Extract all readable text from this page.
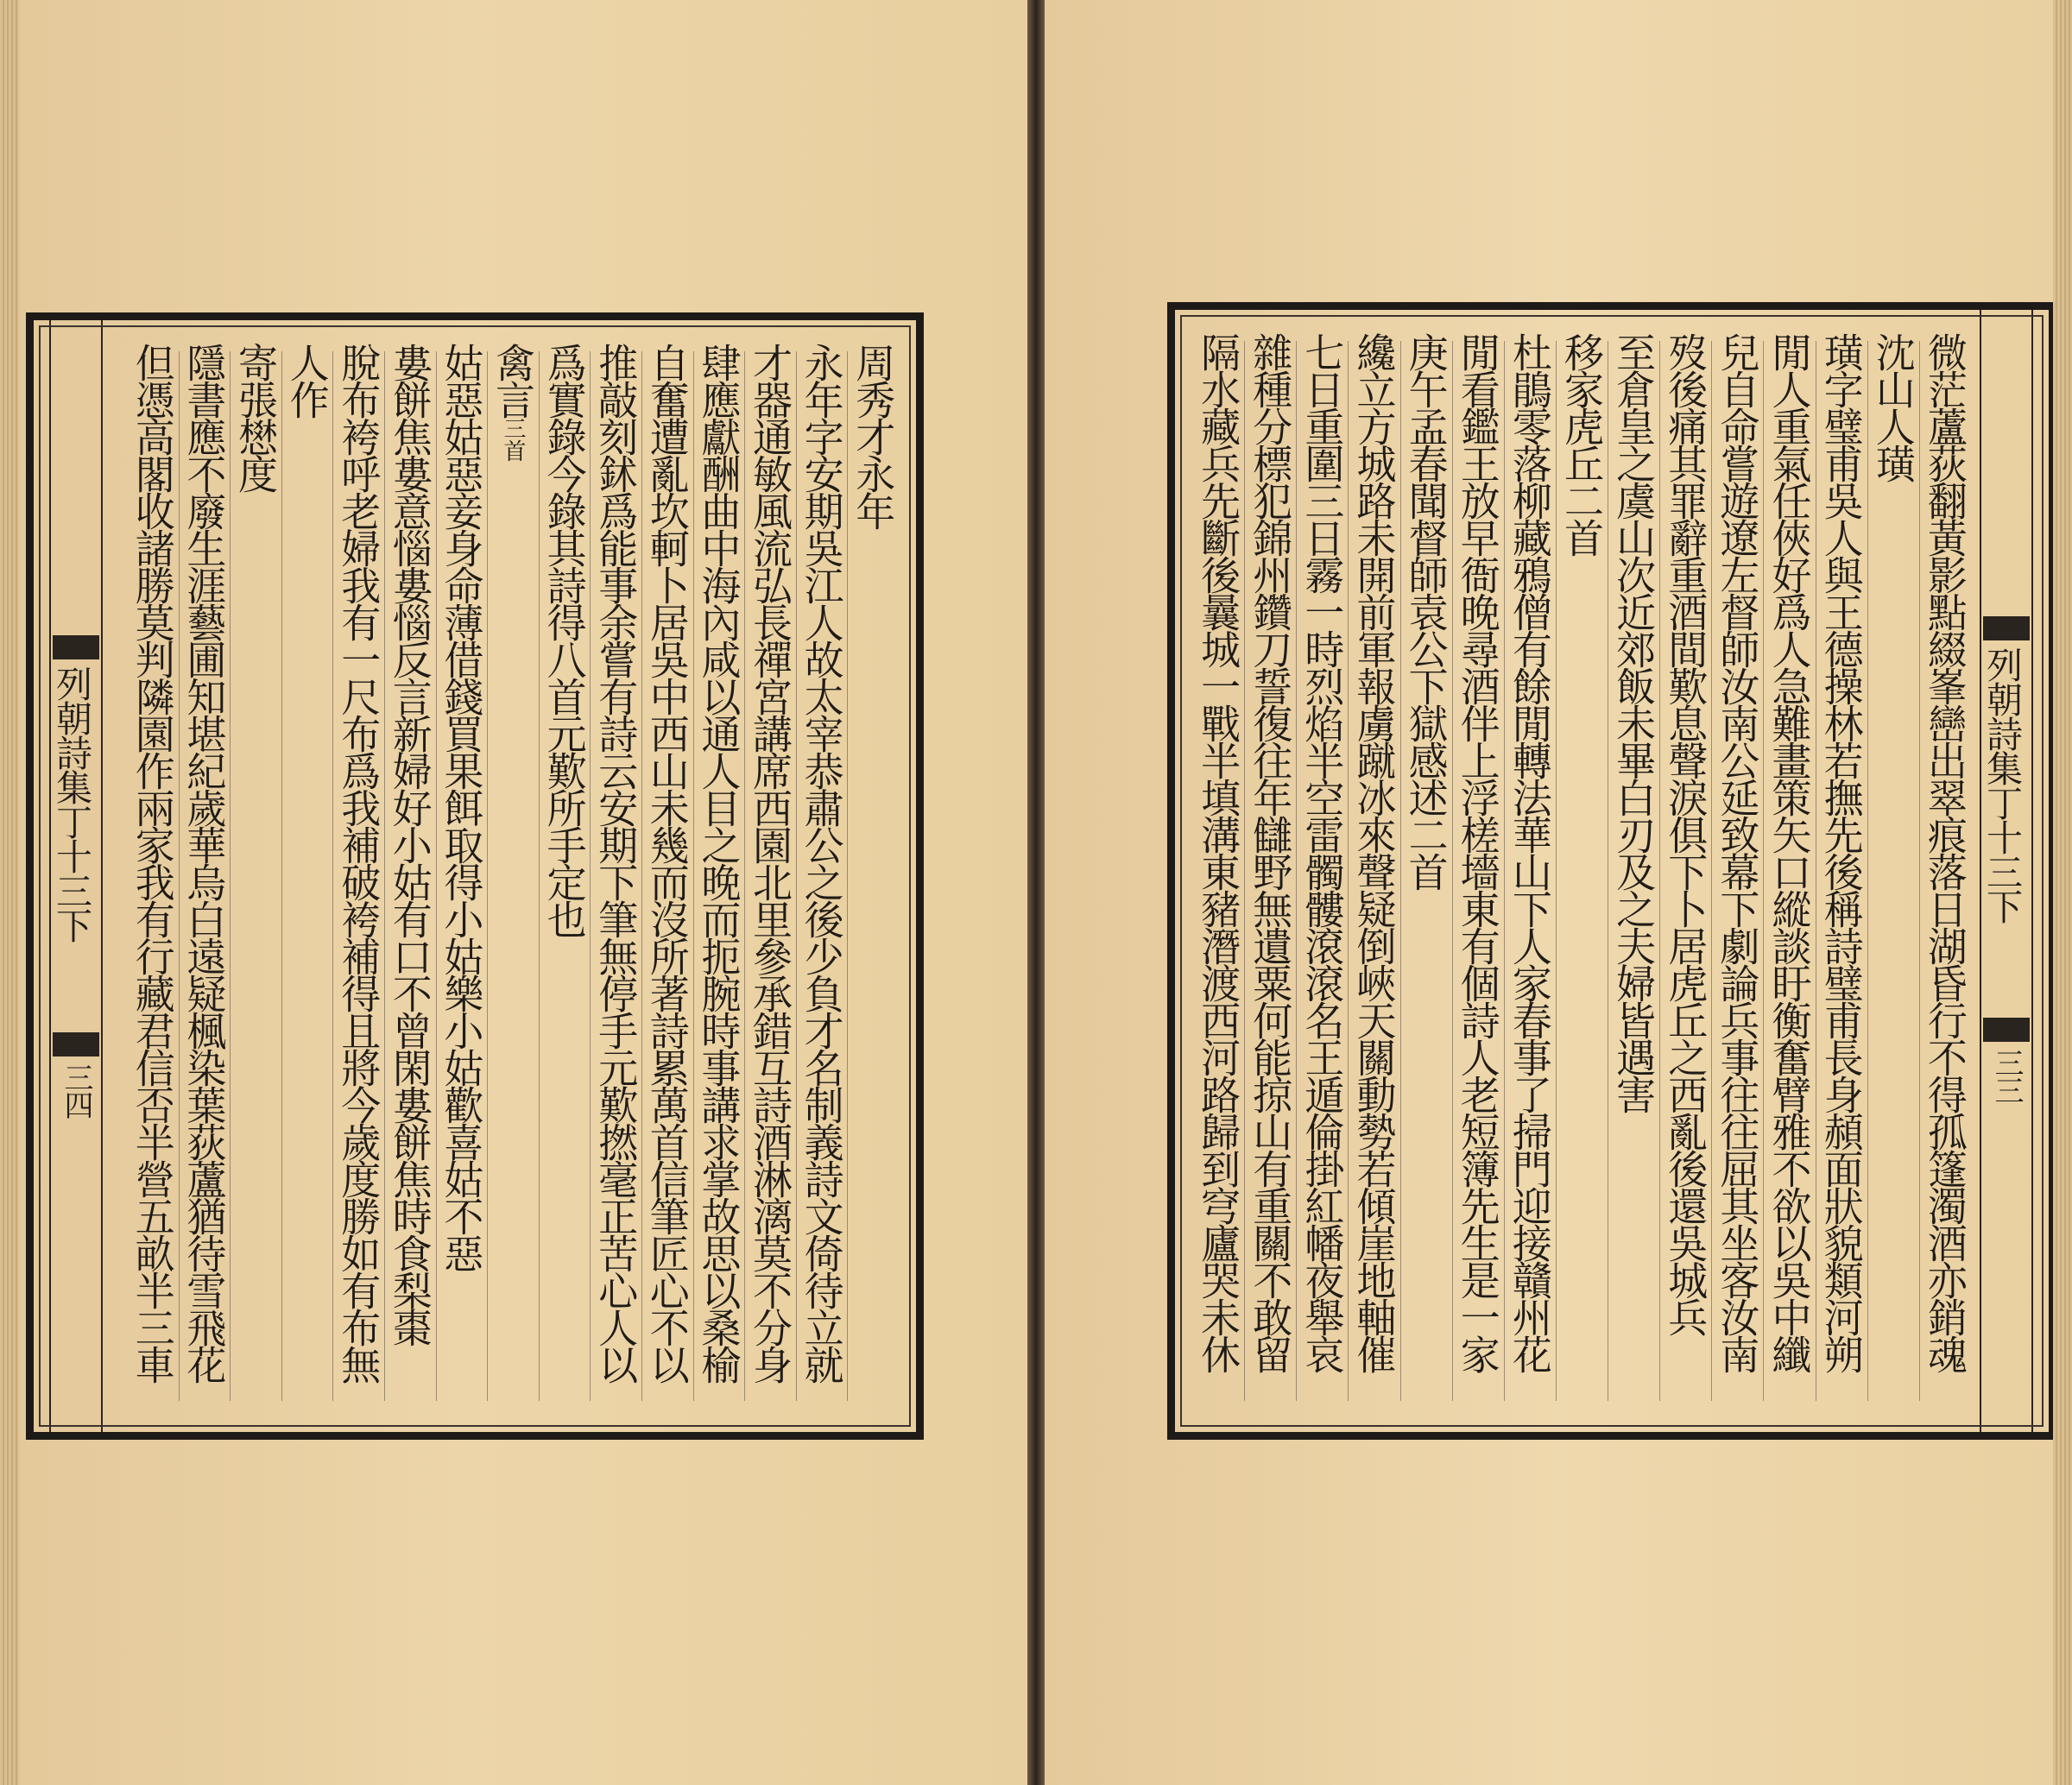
周秀才永年
永年字安期吳江人故太宰恭肅公之後少負才名制義詩文倚待立就
才器通敏風流弘長禪宮講席西園北里參承錯互詩酒淋漓莫不分身
肆應獻酬曲中海內咸以通人目之晚而扼腕時事講求掌故思以桑榆
自奮遭亂坎軻卜居吳中西山未幾而沒所著詩累萬首信筆匠心不以
推敲刻鉥爲能事余嘗有詩云安期下筆無停手元歎撚毫正苦心人以
爲實錄今錄其詩得八首元歎所手定也
禽言三首
姑惡姑惡妾身命薄借錢買果餌取得小姑樂小姑歡喜姑不惡
婁餅焦婁意惱婁惱反言新婦好小姑有口不曾閑婁餅焦時食梨棗
脫布袴呼老婦我有一尺布爲我補破袴補得且將今歲度勝如有布無
人作
寄張𢡟度
隱書應不廢生涯藝圃知堪紀歲華烏白遠疑楓染葉荻蘆猶待雪飛花
但憑高閣收諸勝莫判隣園作兩家我有行藏君信否半營五畝半三車
列朝詩集丁十三下
三四	微茫蘆荻翻黃影點綴峯巒出翠痕落日湖昏行不得孤篷濁酒亦銷魂
沈山人璜
璜字璧甫吳人與王德操林若撫先後稱詩璧甫長身頳面狀貌類河朔
閒人重氣任俠好爲人急難畫策矢口縱談盱衡奮臂雅不欲以吳中纖
兒自命嘗遊遼左督師汝南公延致幕下劇論兵事往往屈其坐客汝南
歿後痛其罪辭重酒間歎息聲淚俱下卜居虎丘之西亂後還吳城兵
至倉皇之虞山次近郊飯未畢白刃及之夫婦皆遇害
移家虎丘二首
杜鵑零落柳藏鴉僧有餘閒轉法華山下人家春事了掃門迎接贛州花
閒看鑑王放早衙晚尋酒伴上浮槎墻東有個詩人老短簿先生是一家
庚午孟春聞督師袁公下獄感述二首
纔立方城路未開前軍報虜蹴冰來聲疑倒峽天關動勢若傾崖地軸催
七日重圍三日霧一時烈焰半空雷髑髏滾滾名王遁倫掛紅幡夜舉哀
雜種分標犯錦州鑽刀誓復往年讎野無遺粟何能掠山有重關不敢留
隔水藏兵先斷後曩城一戰半填溝東豬潛渡西河路歸到穹廬哭未休	列朝詩集丁十三下
三三
